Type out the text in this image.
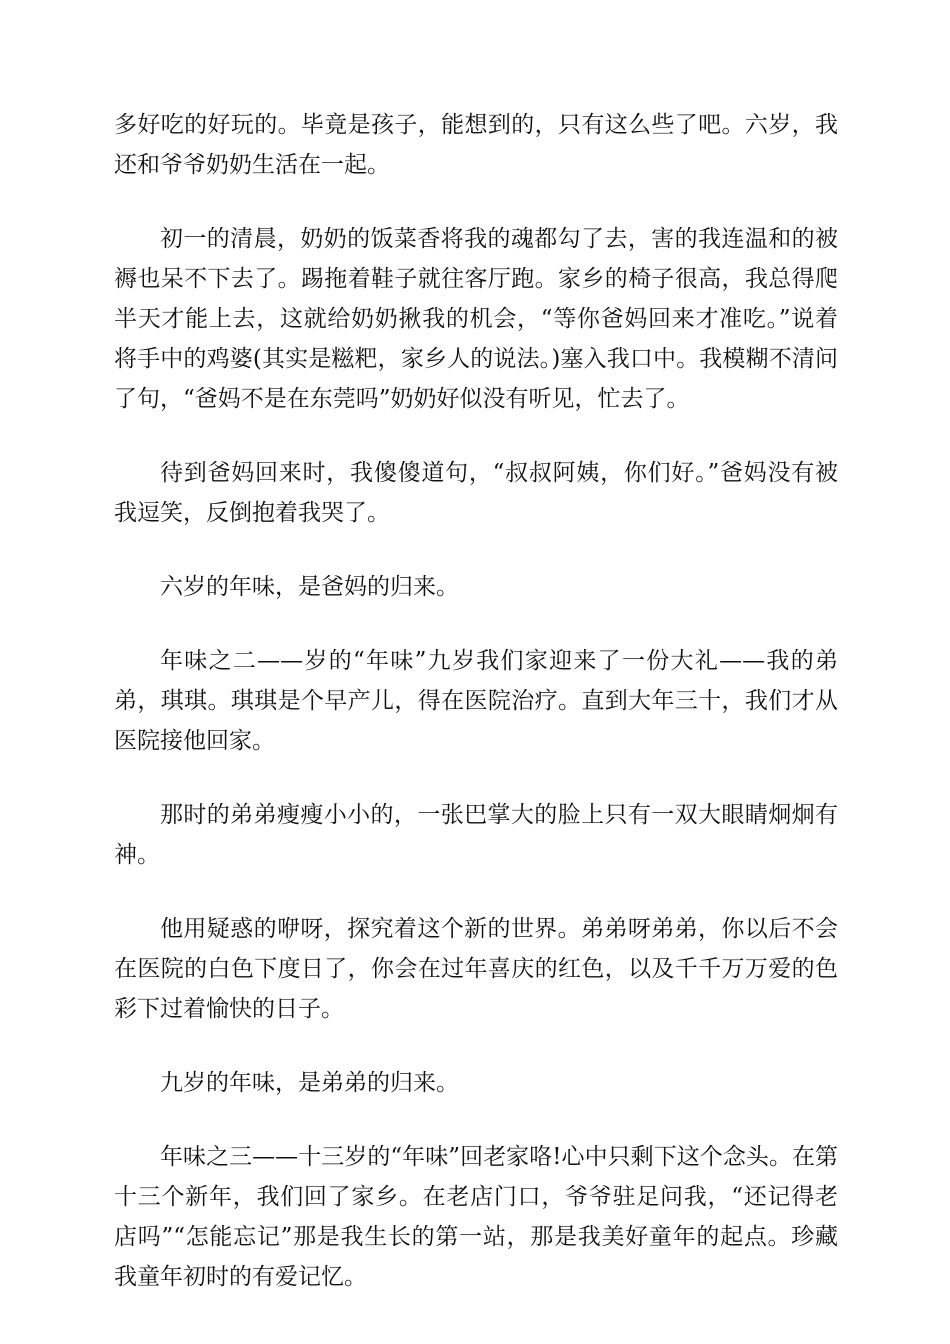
多好吃的好玩的。毕竟是孩子，能想到的，只有这么些了吧。六岁，我还和爷爷奶奶生活在一起。

初一的清晨，奶奶的饭菜香将我的魂都勾了去，害的我连温和的被褥也呆不下去了。踢拖着鞋子就往客厅跑。家乡的椅子很高，我总得爬半天才能上去，这就给奶奶揪我的机会，“等你爸妈回来才准吃。”说着将手中的鸡婆(其实是糍粑，家乡人的说法。)塞入我口中。我模糊不清问了句，“爸妈不是在东莞吗”奶奶好似没有听见，忙去了。

待到爸妈回来时，我傻傻道句，“叔叔阿姨，你们好。”爸妈没有被我逗笑，反倒抱着我哭了。

六岁的年味，是爸妈的归来。

年味之二——岁的“年味”九岁我们家迎来了一份大礼——我的弟弟，琪琪。琪琪是个早产儿，得在医院治疗。直到大年三十，我们才从医院接他回家。

那时的弟弟瘦瘦小小的，一张巴掌大的脸上只有一双大眼睛炯炯有神。

他用疑惑的咿呀，探究着这个新的世界。弟弟呀弟弟，你以后不会在医院的白色下度日了，你会在过年喜庆的红色，以及千千万万爱的色彩下过着愉快的日子。

九岁的年味，是弟弟的归来。

年味之三——十三岁的“年味”回老家咯!心中只剩下这个念头。在第十三个新年，我们回了家乡。在老店门口，爷爷驻足问我，“还记得老店吗”“怎能忘记”那是我生长的第一站，那是我美好童年的起点。珍藏我童年初时的有爱记忆。
